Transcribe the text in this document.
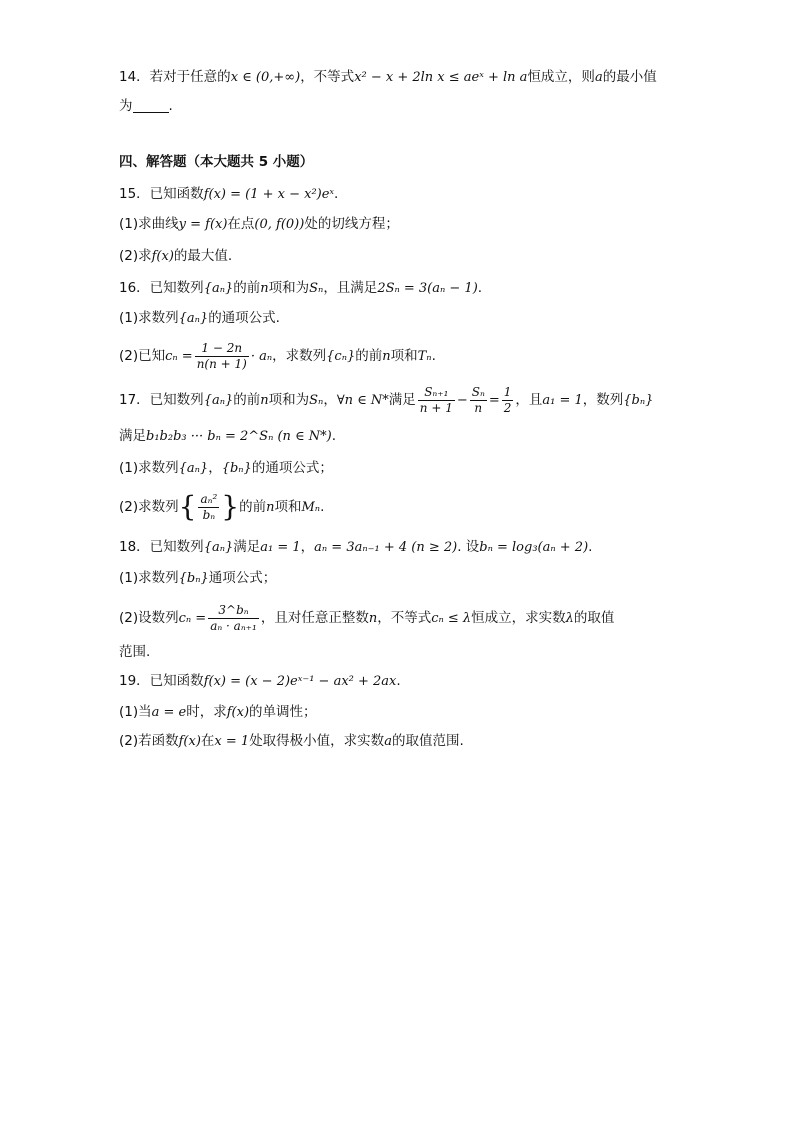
14．若对于任意的x ∈ (0,+∞)，不等式x² − x + 2ln x ≤ aeˣ + ln a恒成立，则a的最小值
为	.
四、解答题（本大题共 5 小题）
15．已知函数f(x) = (1 + x − x²)eˣ.
(1)求曲线y = f(x)在点(0, f(0))处的切线方程；
(2)求f(x)的最大值.
16．已知数列{aₙ}的前n项和为Sₙ，且满足2Sₙ = 3(aₙ − 1).
(1)求数列{aₙ}的通项公式.
(2)已知$c_n = \frac{1 - 2n}{n(n + 1)} \cdot a_n$，求数列{cₙ}的前n项和Tₙ.
17．已知数列{aₙ}的前n项和为Sₙ，∀n ∈ N*满足 $\frac{\text{Sₙ₊₁}}{n + 1} - \frac{\text{Sₙ}}{n} = \frac{1}{2}$ ，且a₁ = 1，数列{bₙ}
满足b₁b₂b₃ ··· bₙ = 2^Sₙ (n ∈ N*).
(1)求数列{aₙ}，{bₙ}的通项公式；
(2)求数列{ $\frac{\text{aₙ²}}{\text{bₙ}}$ }的前n项和Mₙ.
18．已知数列{aₙ}满足a₁ = 1，aₙ = 3aₙ₋₁ + 4 (n ≥ 2). 设bₙ = log₃(aₙ + 2).
(1)求数列{bₙ}通项公式；
(2)设数列$c_n = \frac{\text{3\textasciicircum{}bₙ}}{\text{aₙ · aₙ₊₁}}$ ，且对任意正整数n，不等式cₙ ≤ λ恒成立，求实数λ的取值
范围.
19．已知函数f(x) = (x − 2)eˣ⁻¹ − ax² + 2ax.
(1)当a = e时，求f(x)的单调性；
(2)若函数f(x)在x = 1处取得极小值，求实数a的取值范围.
